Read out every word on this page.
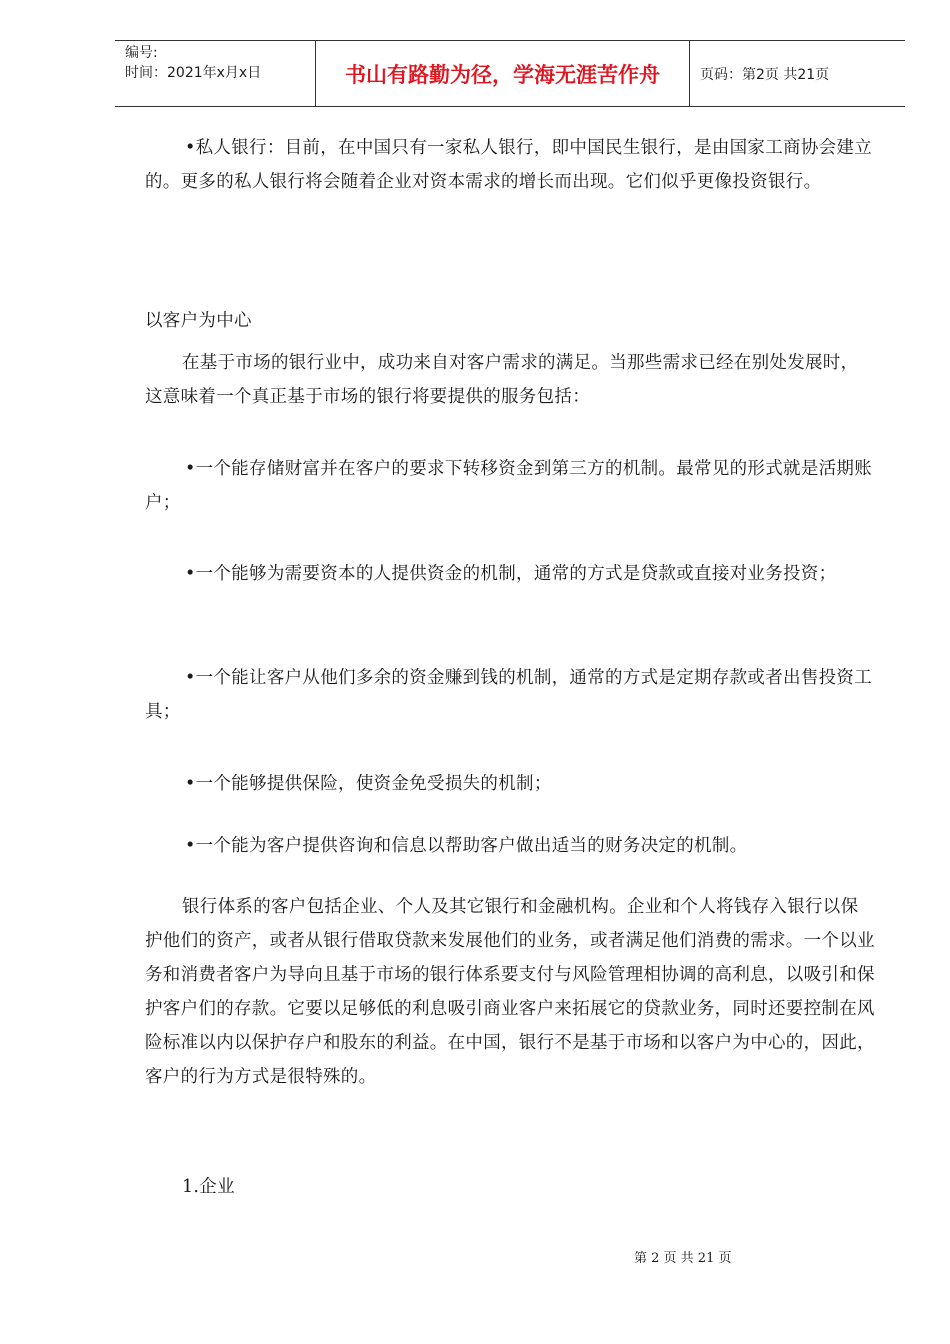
编号:
时间：2021年x月x日	书山有路勤为径，学海无涯苦作舟	页码：第2页 共21页
•私人银行：目前，在中国只有一家私人银行，即中国民生银行，是由国家工商协会建立的。更多的私人银行将会随着企业对资本需求的增长而出现。它们似乎更像投资银行。
以客户为中心
在基于市场的银行业中，成功来自对客户需求的满足。当那些需求已经在别处发展时，这意味着一个真正基于市场的银行将要提供的服务包括：
•一个能存储财富并在客户的要求下转移资金到第三方的机制。最常见的形式就是活期账户；
•一个能够为需要资本的人提供资金的机制，通常的方式是贷款或直接对业务投资；
•一个能让客户从他们多余的资金赚到钱的机制，通常的方式是定期存款或者出售投资工具；
•一个能够提供保险，使资金免受损失的机制；
•一个能为客户提供咨询和信息以帮助客户做出适当的财务决定的机制。
银行体系的客户包括企业、个人及其它银行和金融机构。企业和个人将钱存入银行以保护他们的资产，或者从银行借取贷款来发展他们的业务，或者满足他们消费的需求。一个以业务和消费者客户为导向且基于市场的银行体系要支付与风险管理相协调的高利息，以吸引和保护客户们的存款。它要以足够低的利息吸引商业客户来拓展它的贷款业务，同时还要控制在风险标准以内以保护存户和股东的利益。在中国，银行不是基于市场和以客户为中心的，因此，客户的行为方式是很特殊的。
1.企业
第 2 页 共 21 页
